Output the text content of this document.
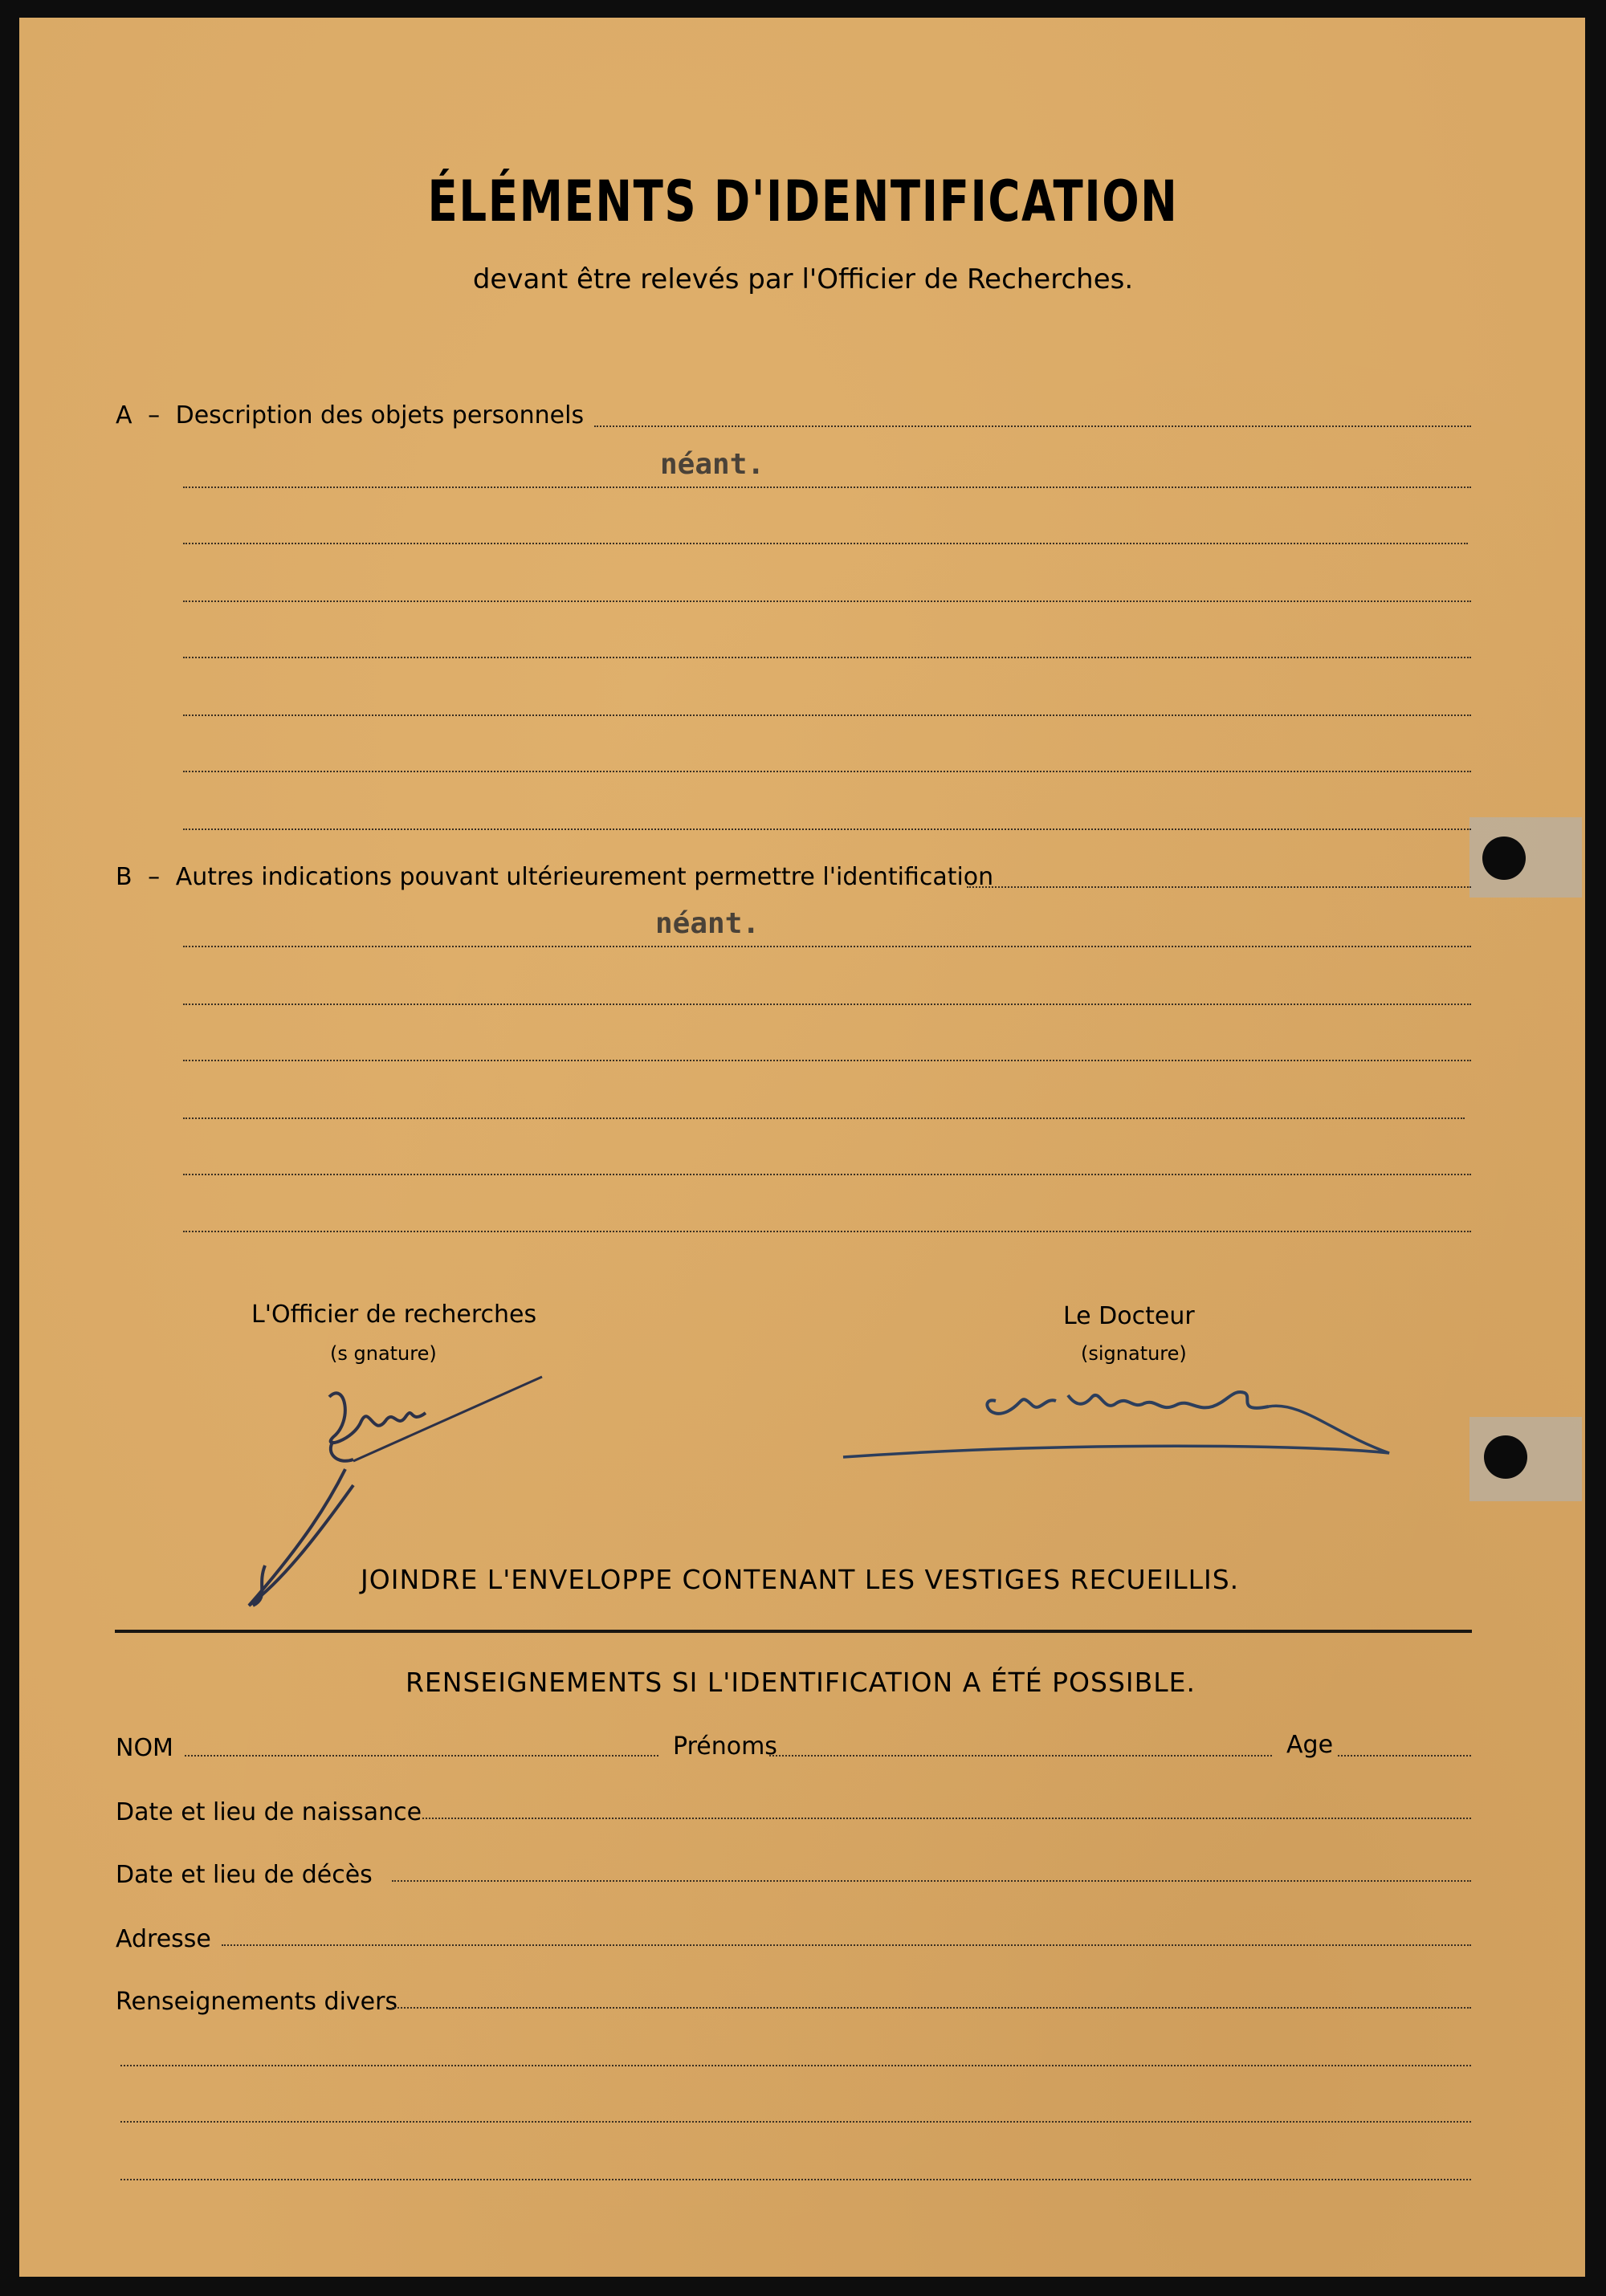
ÉLÉMENTS D'IDENTIFICATION
devant être relevés par l'Officier de Recherches.
A – Description des objets personnels
néant.
B – Autres indications pouvant ultérieurement permettre l'identification
néant.
L'Officier de recherches
(s gnature)
Le Docteur
(signature)
JOINDRE L'ENVELOPPE CONTENANT LES VESTIGES RECUEILLIS.
RENSEIGNEMENTS SI L'IDENTIFICATION A ÉTÉ POSSIBLE.
NOM	Prénoms	Age
Date et lieu de naissance
Date et lieu de décès
Adresse
Renseignements divers
